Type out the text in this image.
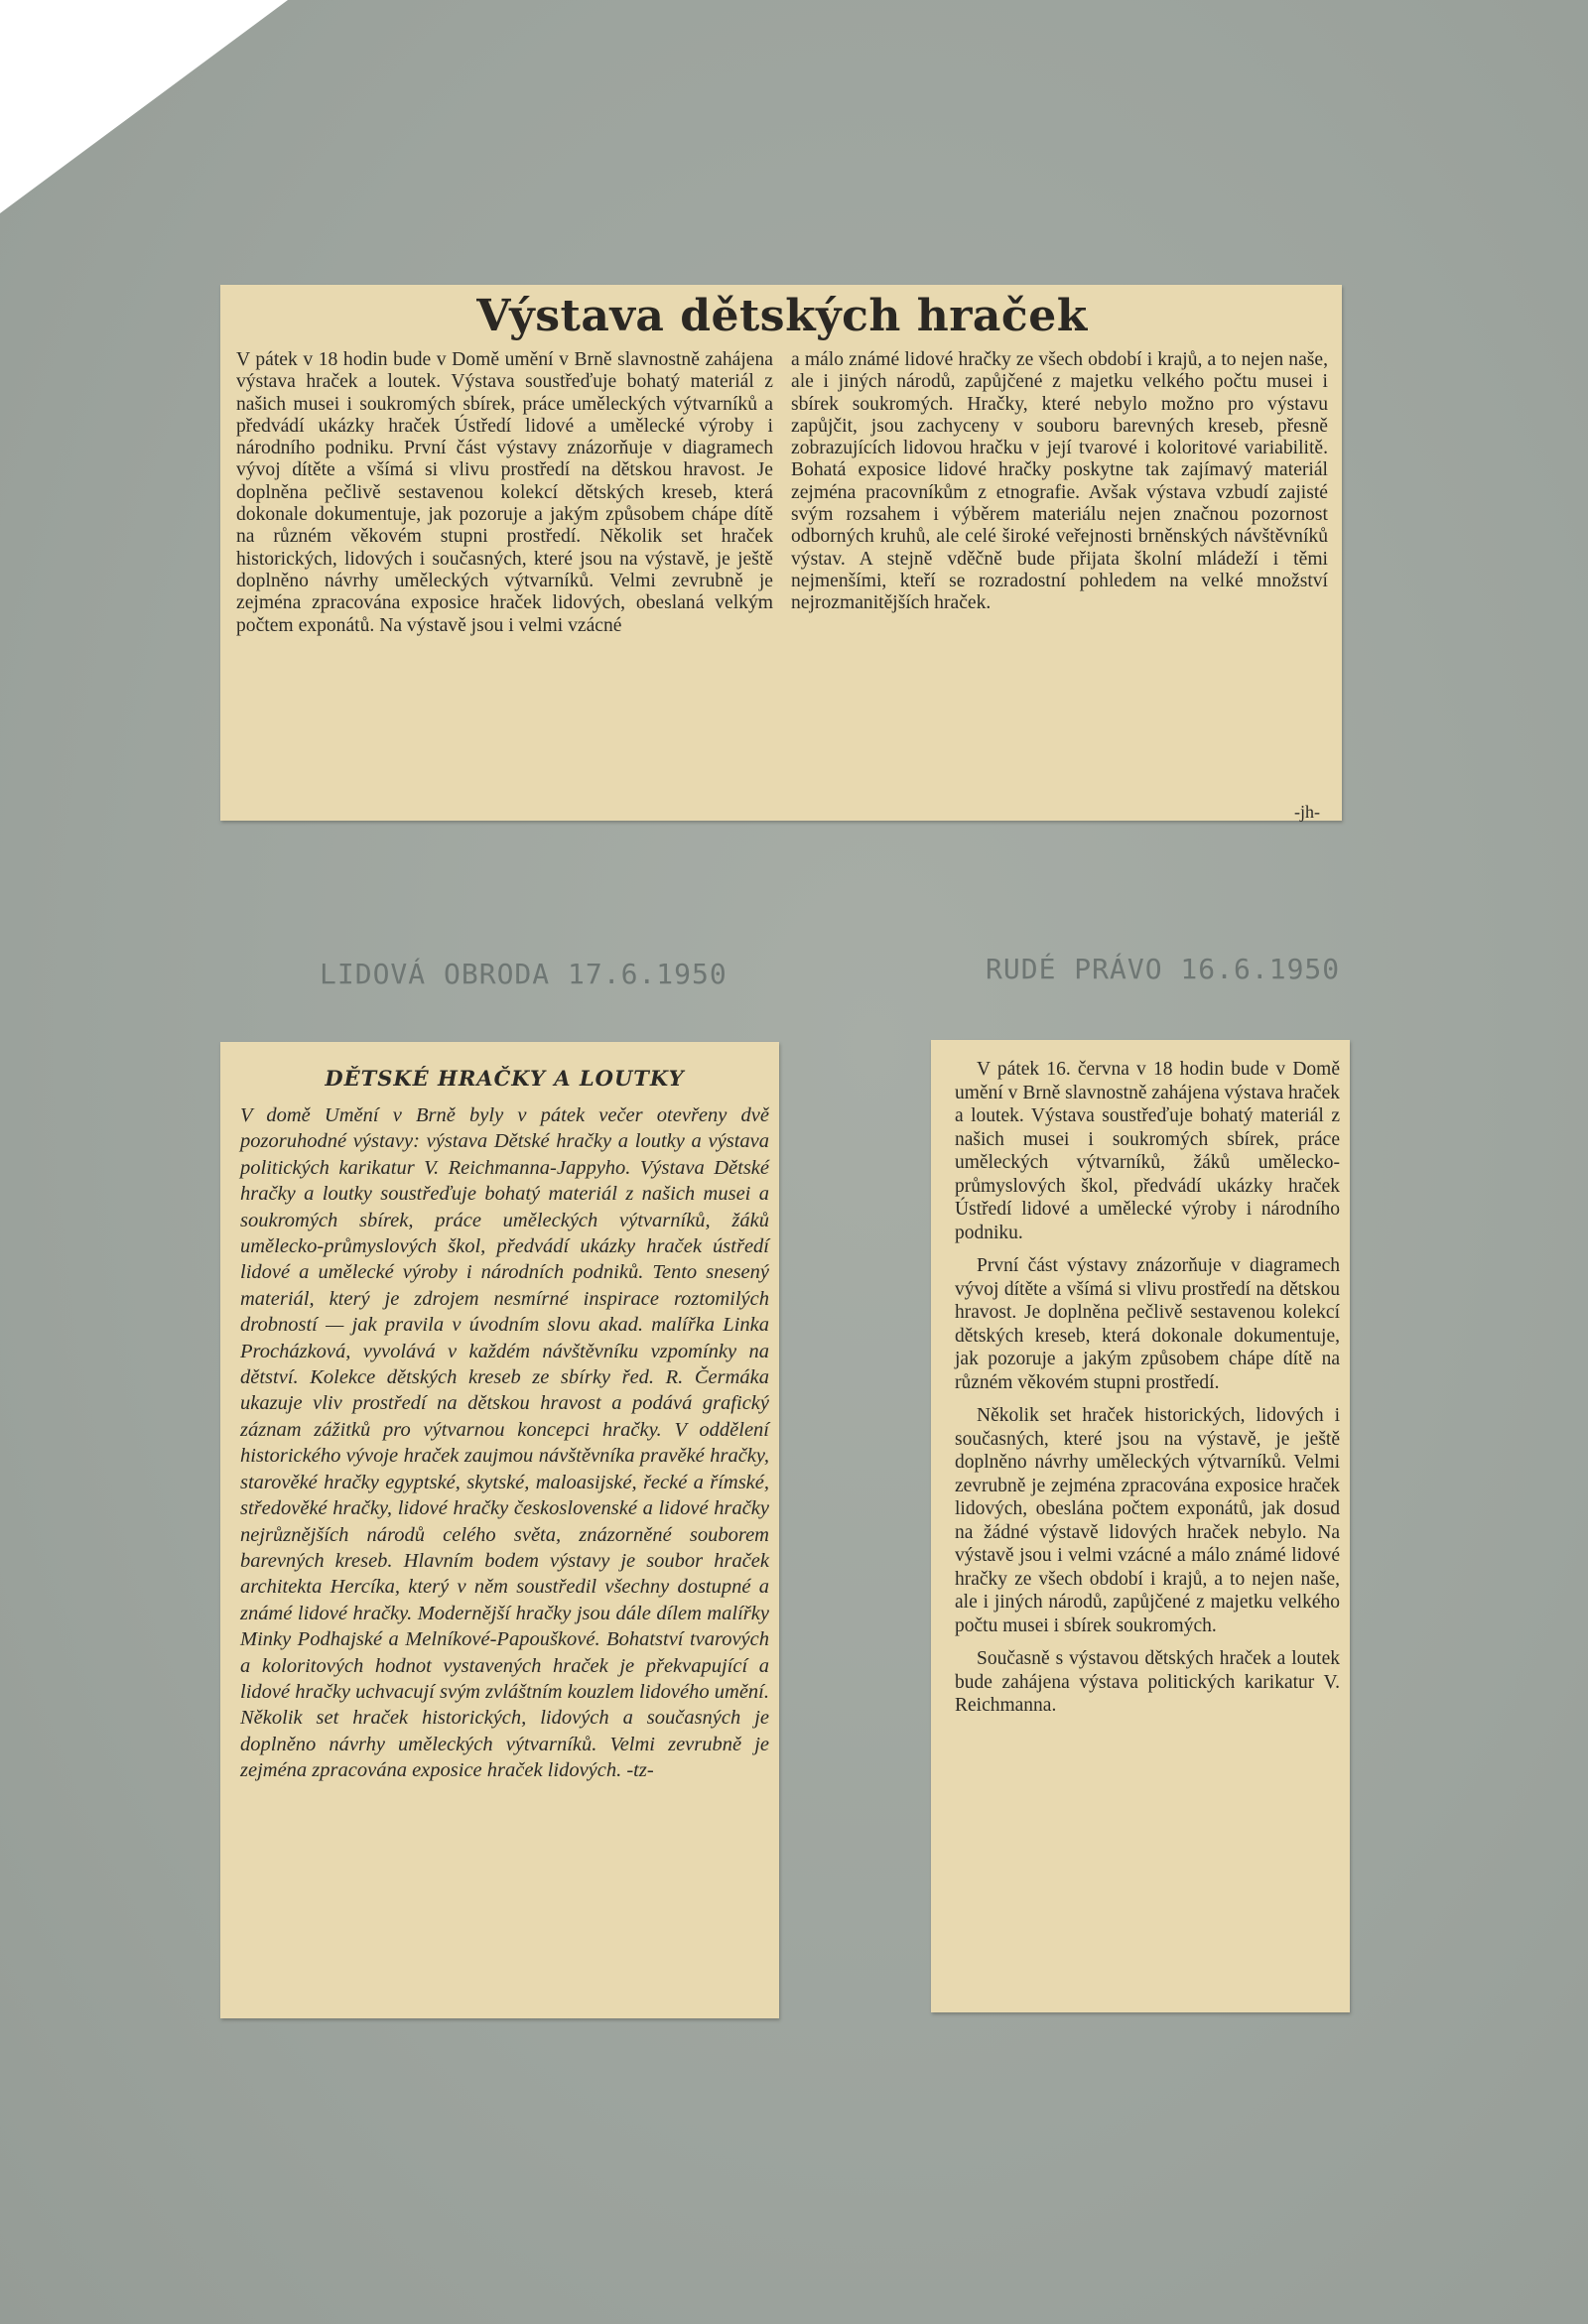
Výstava dětských hraček

V pátek v 18 hodin bude v Domě umění v Brně slavnostně zahájena výstava hraček a loutek. Výstava soustřeďuje bohatý materiál z našich musei i soukromých sbírek, práce uměleckých výtvarníků a předvádí ukázky hraček Ústředí lidové a umělecké výroby i národního podniku. První část výstavy znázorňuje v diagramech vývoj dítěte a všímá si vlivu prostředí na dětskou hravost. Je doplněna pečlivě sestavenou kolekcí dětských kreseb, která dokonale dokumentuje, jak pozoruje a jakým způsobem chápe dítě na různém věkovém stupni prostředí. Několik set hraček historických, lidových i současných, které jsou na výstavě, je ještě doplněno návrhy uměleckých výtvarníků. Velmi zevrubně je zejména zpracována exposice hraček lidových, obeslaná velkým počtem exponátů. Na výstavě jsou i velmi vzácné

a málo známé lidové hračky ze všech období i krajů, a to nejen naše, ale i jiných národů, zapůjčené z majetku velkého počtu musei i sbírek soukromých. Hračky, které nebylo možno pro výstavu zapůjčit, jsou zachyceny v souboru barevných kreseb, přesně zobrazujících lidovou hračku v její tvarové i koloritové variabilitě. Bohatá exposice lidové hračky poskytne tak zajímavý materiál zejména pracovníkům z etnografie. Avšak výstava vzbudí zajisté svým rozsahem i výběrem materiálu nejen značnou pozornost odborných kruhů, ale celé široké veřejnosti brněnských návštěvníků výstav. A stejně vděčně bude přijata školní mládeží i těmi nejmenšími, kteří se rozradostní pohledem na velké množství nejrozmanitějších hraček.

-jh-
LIDOVÁ OBRODA 17.6.1950	RUDÉ PRÁVO 16.6.1950
DĚTSKÉ HRAČKY A LOUTKY

V domě Umění v Brně byly v pátek večer otevřeny dvě pozoruhodné výstavy: výstava Dětské hračky a loutky a výstava politických karikatur V. Reichmanna-Jappyho. Výstava Dětské hračky a loutky soustřeďuje bohatý materiál z našich musei a soukromých sbírek, práce uměleckých výtvarníků, žáků umělecko-průmyslových škol, předvádí ukázky hraček ústředí lidové a umělecké výroby i národních podniků. Tento snesený materiál, který je zdrojem nesmírné inspirace roztomilých drobností — jak pravila v úvodním slovu akad. malířka Linka Procházková, vyvolává v každém návštěvníku vzpomínky na dětství. Kolekce dětských kreseb ze sbírky řed. R. Čermáka ukazuje vliv prostředí na dětskou hravost a podává grafický záznam zážitků pro výtvarnou koncepci hračky. V oddělení historického vývoje hraček zaujmou návštěvníka pravěké hračky, starověké hračky egyptské, skytské, maloasijské, řecké a římské, středověké hračky, lidové hračky československé a lidové hračky nejrůznějších národů celého světa, znázorněné souborem barevných kreseb. Hlavním bodem výstavy je soubor hraček architekta Hercíka, který v něm soustředil všechny dostupné a známé lidové hračky. Modernější hračky jsou dále dílem malířky Minky Podhajské a Melníkové-Papouškové. Bohatství tvarových a koloritových hodnot vystavených hraček je překvapující a lidové hračky uchvacují svým zvláštním kouzlem lidového umění. Několik set hraček historických, lidových a současných je doplněno návrhy uměleckých výtvarníků. Velmi zevrubně je zejména zpracována exposice hraček lidových. -tz-

V pátek 16. června v 18 hodin bude v Domě umění v Brně slavnostně zahájena výstava hraček a loutek. Výstava soustřeďuje bohatý materiál z našich musei i soukromých sbírek, práce uměleckých výtvarníků, žáků umělecko-průmyslových škol, předvádí ukázky hraček Ústředí lidové a umělecké výroby i národního podniku.

První část výstavy znázorňuje v diagramech vývoj dítěte a všímá si vlivu prostředí na dětskou hravost. Je doplněna pečlivě sestavenou kolekcí dětských kreseb, která dokonale dokumentuje, jak pozoruje a jakým způsobem chápe dítě na různém věkovém stupni prostředí.

Několik set hraček historických, lidových i současných, které jsou na výstavě, je ještě doplněno návrhy uměleckých výtvarníků. Velmi zevrubně je zejména zpracována exposice hraček lidových, obeslána počtem exponátů, jak dosud na žádné výstavě lidových hraček nebylo. Na výstavě jsou i velmi vzácné a málo známé lidové hračky ze všech období i krajů, a to nejen naše, ale i jiných národů, zapůjčené z majetku velkého počtu musei i sbírek soukromých.

Současně s výstavou dětských hraček a loutek bude zahájena výstava politických karikatur V. Reichmanna.
